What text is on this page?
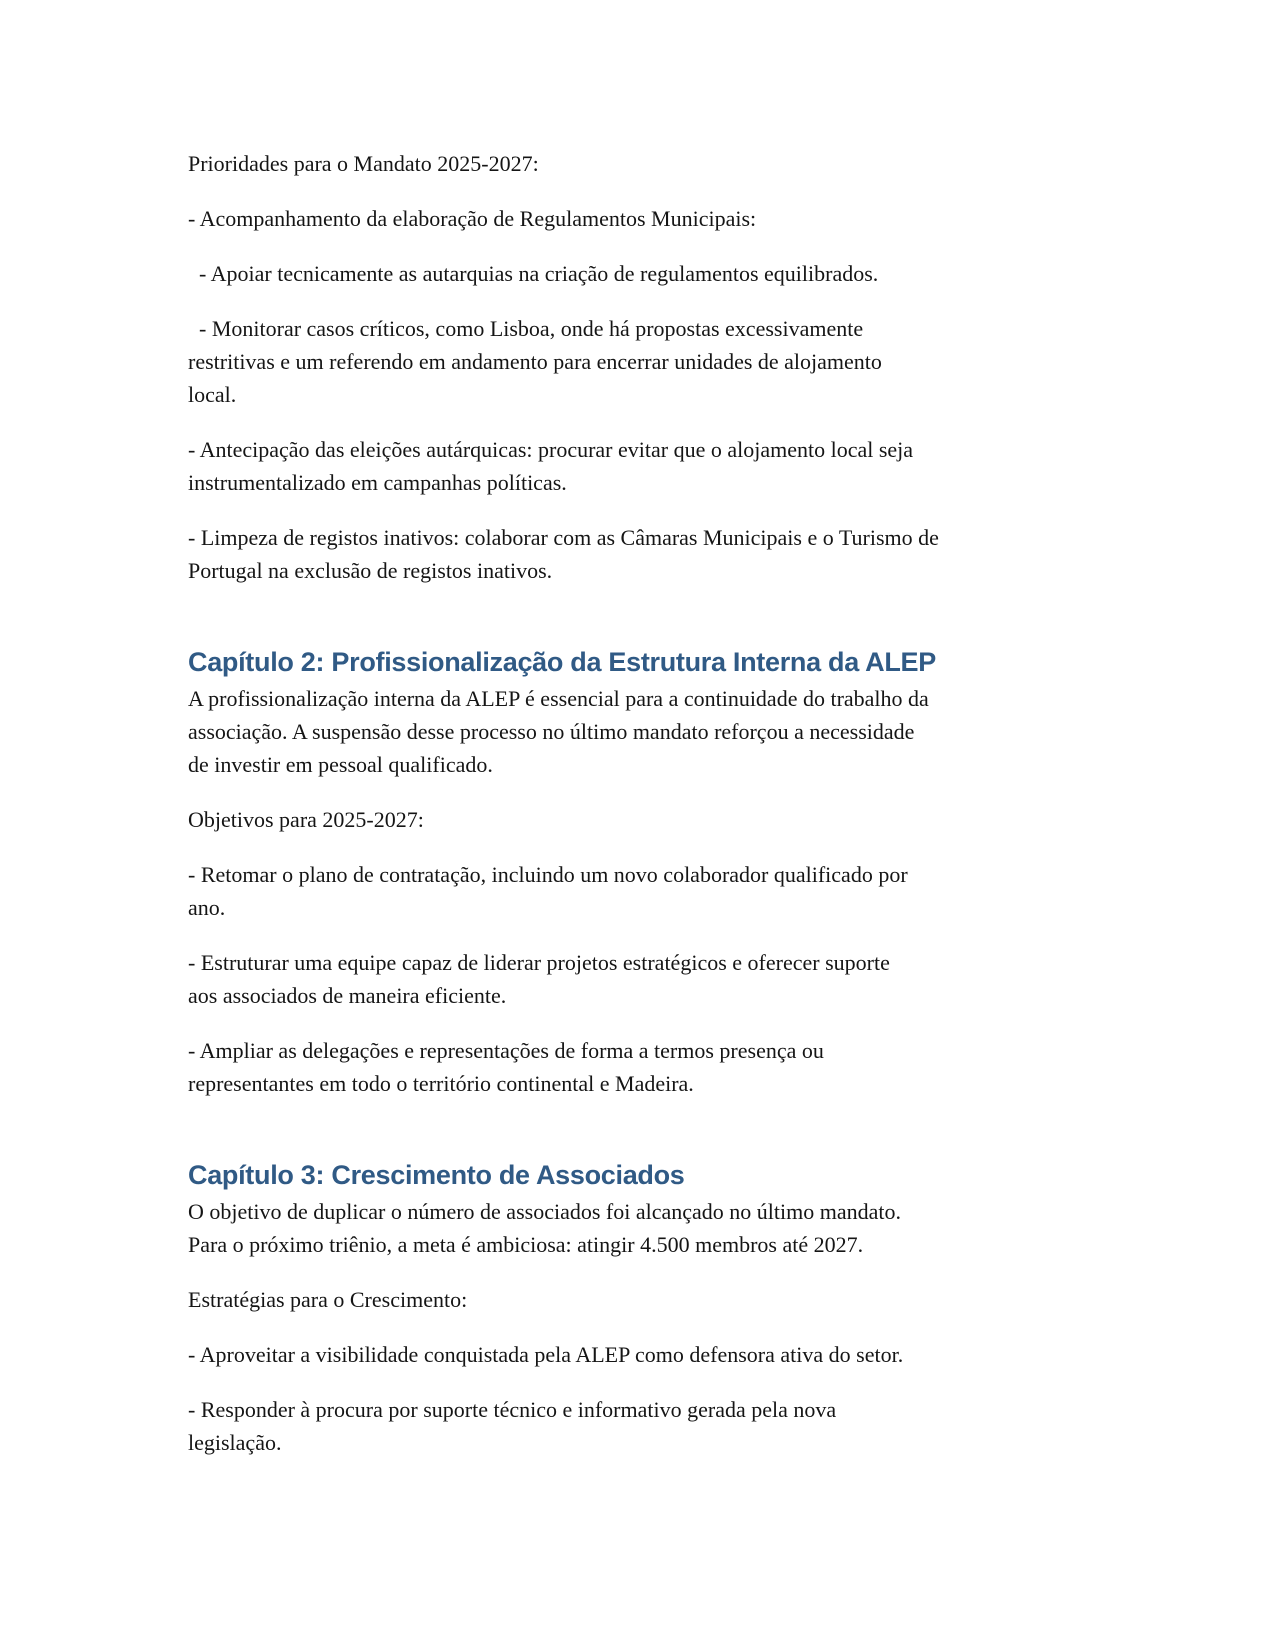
Prioridades para o Mandato 2025-2027:
- Acompanhamento da elaboração de Regulamentos Municipais:
- Apoiar tecnicamente as autarquias na criação de regulamentos equilibrados.
- Monitorar casos críticos, como Lisboa, onde há propostas excessivamente
restritivas e um referendo em andamento para encerrar unidades de alojamento
local.
- Antecipação das eleições autárquicas: procurar evitar que o alojamento local seja
instrumentalizado em campanhas políticas.
- Limpeza de registos inativos: colaborar com as Câmaras Municipais e o Turismo de
Portugal na exclusão de registos inativos.
Capítulo 2: Profissionalização da Estrutura Interna da ALEP
A profissionalização interna da ALEP é essencial para a continuidade do trabalho da
associação. A suspensão desse processo no último mandato reforçou a necessidade
de investir em pessoal qualificado.
Objetivos para 2025-2027:
- Retomar o plano de contratação, incluindo um novo colaborador qualificado por
ano.
- Estruturar uma equipe capaz de liderar projetos estratégicos e oferecer suporte
aos associados de maneira eficiente.
- Ampliar as delegações e representações de forma a termos presença ou
representantes em todo o território continental e Madeira.
Capítulo 3: Crescimento de Associados
O objetivo de duplicar o número de associados foi alcançado no último mandato.
Para o próximo triênio, a meta é ambiciosa: atingir 4.500 membros até 2027.
Estratégias para o Crescimento:
- Aproveitar a visibilidade conquistada pela ALEP como defensora ativa do setor.
- Responder à procura por suporte técnico e informativo gerada pela nova
legislação.
